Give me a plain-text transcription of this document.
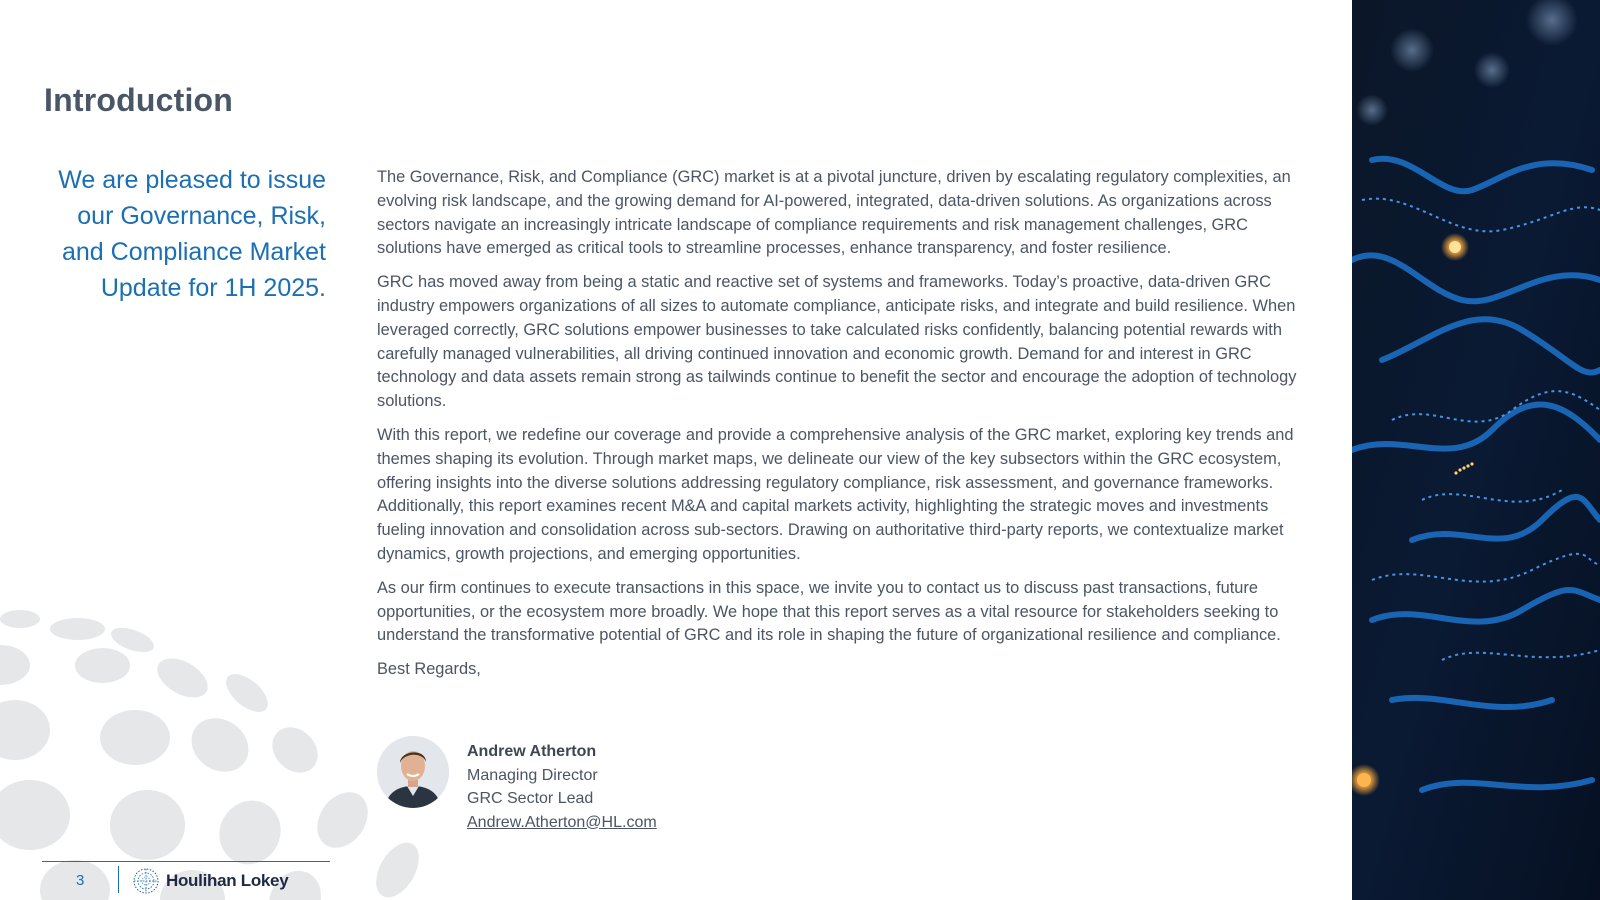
Introduction
We are pleased to issue our Governance, Risk, and Compliance Market Update for 1H 2025.

The Governance, Risk, and Compliance (GRC) market is at a pivotal juncture, driven by escalating regulatory complexities, an evolving risk landscape, and the growing demand for AI-powered, integrated, data-driven solutions. As organizations across sectors navigate an increasingly intricate landscape of compliance requirements and risk management challenges, GRC solutions have emerged as critical tools to streamline processes, enhance transparency, and foster resilience.

GRC has moved away from being a static and reactive set of systems and frameworks. Today’s proactive, data-driven GRC industry empowers organizations of all sizes to automate compliance, anticipate risks, and integrate and build resilience. When leveraged correctly, GRC solutions empower businesses to take calculated risks confidently, balancing potential rewards with carefully managed vulnerabilities, all driving continued innovation and economic growth. Demand for and interest in GRC technology and data assets remain strong as tailwinds continue to benefit the sector and encourage the adoption of technology solutions.

With this report, we redefine our coverage and provide a comprehensive analysis of the GRC market, exploring key trends and themes shaping its evolution. Through market maps, we delineate our view of the key subsectors within the GRC ecosystem, offering insights into the diverse solutions addressing regulatory compliance, risk assessment, and governance frameworks. Additionally, this report examines recent M&A and capital markets activity, highlighting the strategic moves and investments fueling innovation and consolidation across sub-sectors. Drawing on authoritative third-party reports, we contextualize market dynamics, growth projections, and emerging opportunities.

As our firm continues to execute transactions in this space, we invite you to contact us to discuss past transactions, future opportunities, or the ecosystem more broadly. We hope that this report serves as a vital resource for stakeholders seeking to understand the transformative potential of GRC and its role in shaping the future of organizational resilience and compliance.

Best Regards,

Andrew Atherton
Managing Director
GRC Sector Lead
Andrew.Atherton@HL.com
3	Houlihan Lokey
